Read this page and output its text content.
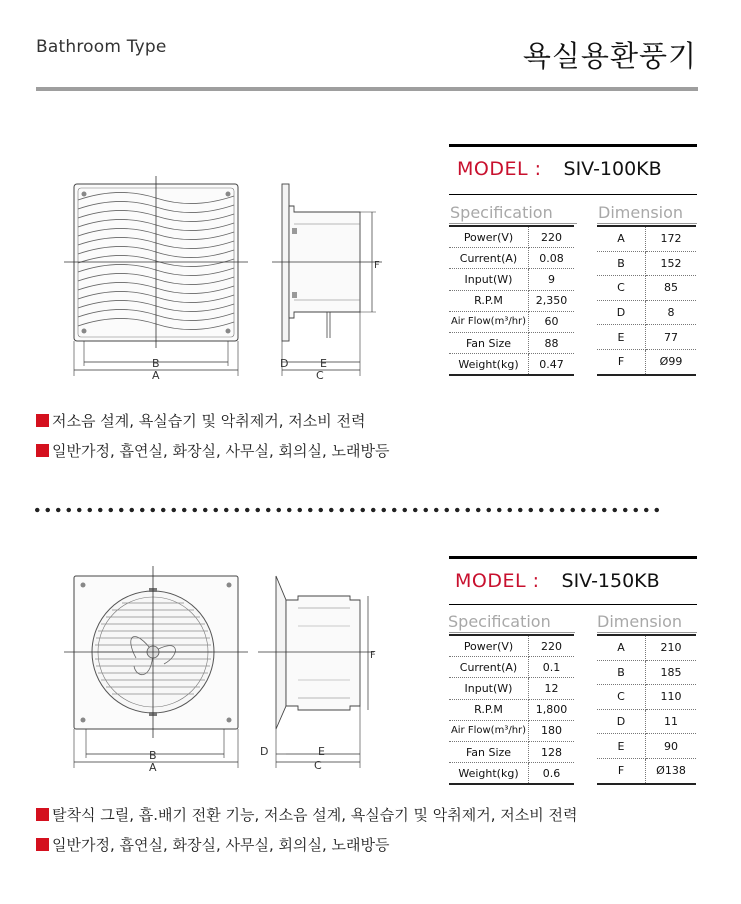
Bathroom Type	욕실용환풍기
B
A
F
D	E
C
MODEL : SIV-100KB
Specification	Dimension
Power(V)	220
Current(A)	0.08
Input(W)	9
R.P.M	2,350
Air Flow(m³/hr)	60
Fan Size	88
Weight(kg)	0.47
A	172
B	152
C	85
D	8
E	77
F	Ø99
저소음 설계, 욕실습기 및 악취제거, 저소비 전력
일반가정, 흡연실, 화장실, 사무실, 회의실, 노래방등
B
A
F
D	E
C
MODEL : SIV-150KB
Specification	Dimension
Power(V)	220
Current(A)	0.1
Input(W)	12
R.P.M	1,800
Air Flow(m³/hr)	180
Fan Size	128
Weight(kg)	0.6
A	210
B	185
C	110
D	11
E	90
F	Ø138
탈착식 그릴, 흡.배기 전환 기능, 저소음 설계, 욕실습기 및 악취제거, 저소비 전력
일반가정, 흡연실, 화장실, 사무실, 회의실, 노래방등
